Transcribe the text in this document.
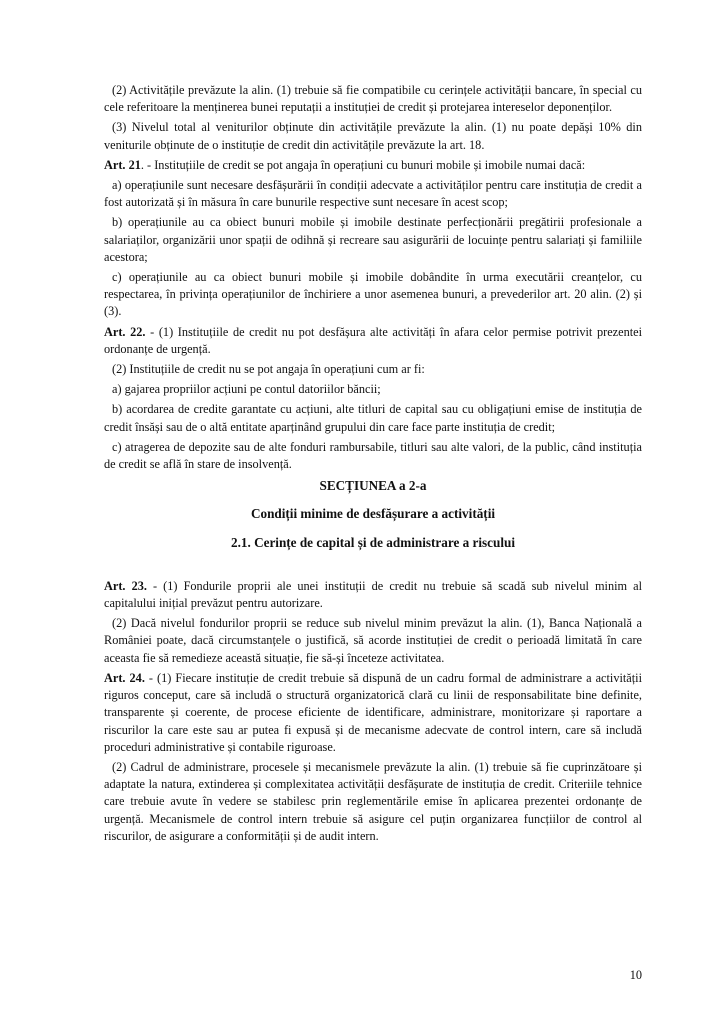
(2) Activitățile prevăzute la alin. (1) trebuie să fie compatibile cu cerințele activității bancare, în special cu cele referitoare la menținerea bunei reputații a instituției de credit și protejarea intereselor deponenților.

(3) Nivelul total al veniturilor obținute din activitățile prevăzute la alin. (1) nu poate depăși 10% din veniturile obținute de o instituție de credit din activitățile prevăzute la art. 18.

Art. 21. - Instituțiile de credit se pot angaja în operațiuni cu bunuri mobile și imobile numai dacă:

a) operațiunile sunt necesare desfășurării în condiții adecvate a activităților pentru care instituția de credit a fost autorizată și în măsura în care bunurile respective sunt necesare în acest scop;

b) operațiunile au ca obiect bunuri mobile și imobile destinate perfecționării pregătirii profesionale a salariaților, organizării unor spații de odihnă și recreare sau asigurării de locuințe pentru salariați și familiile acestora;

c) operațiunile au ca obiect bunuri mobile și imobile dobândite în urma executării creanțelor, cu respectarea, în privința operațiunilor de închiriere a unor asemenea bunuri, a prevederilor art. 20 alin. (2) și (3).

Art. 22. - (1) Instituțiile de credit nu pot desfășura alte activități în afara celor permise potrivit prezentei ordonanțe de urgență.

(2) Instituțiile de credit nu se pot angaja în operațiuni cum ar fi:

a) gajarea propriilor acțiuni pe contul datoriilor băncii;

b) acordarea de credite garantate cu acțiuni, alte titluri de capital sau cu obligațiuni emise de instituția de credit însăși sau de o altă entitate aparținând grupului din care face parte instituția de credit;

c) atragerea de depozite sau de alte fonduri rambursabile, titluri sau alte valori, de la public, când instituția de credit se află în stare de insolvență.

SECȚIUNEA a 2-a
Condiții minime de desfășurare a activității
2.1. Cerințe de capital și de administrare a riscului

Art. 23. - (1) Fondurile proprii ale unei instituții de credit nu trebuie să scadă sub nivelul minim al capitalului inițial prevăzut pentru autorizare.

(2) Dacă nivelul fondurilor proprii se reduce sub nivelul minim prevăzut la alin. (1), Banca Națională a României poate, dacă circumstanțele o justifică, să acorde instituției de credit o perioadă limitată în care aceasta fie să remedieze această situație, fie să-și înceteze activitatea.

Art. 24. - (1) Fiecare instituție de credit trebuie să dispună de un cadru formal de administrare a activității riguros conceput, care să includă o structură organizatorică clară cu linii de responsabilitate bine definite, transparente și coerente, de procese eficiente de identificare, administrare, monitorizare și raportare a riscurilor la care este sau ar putea fi expusă și de mecanisme adecvate de control intern, care să includă proceduri administrative și contabile riguroase.

(2) Cadrul de administrare, procesele și mecanismele prevăzute la alin. (1) trebuie să fie cuprinzătoare și adaptate la natura, extinderea și complexitatea activității desfășurate de instituția de credit. Criteriile tehnice care trebuie avute în vedere se stabilesc prin reglementările emise în aplicarea prezentei ordonanțe de urgență. Mecanismele de control intern trebuie să asigure cel puțin organizarea funcțiilor de control al riscurilor, de asigurare a conformității și de audit intern.

10
